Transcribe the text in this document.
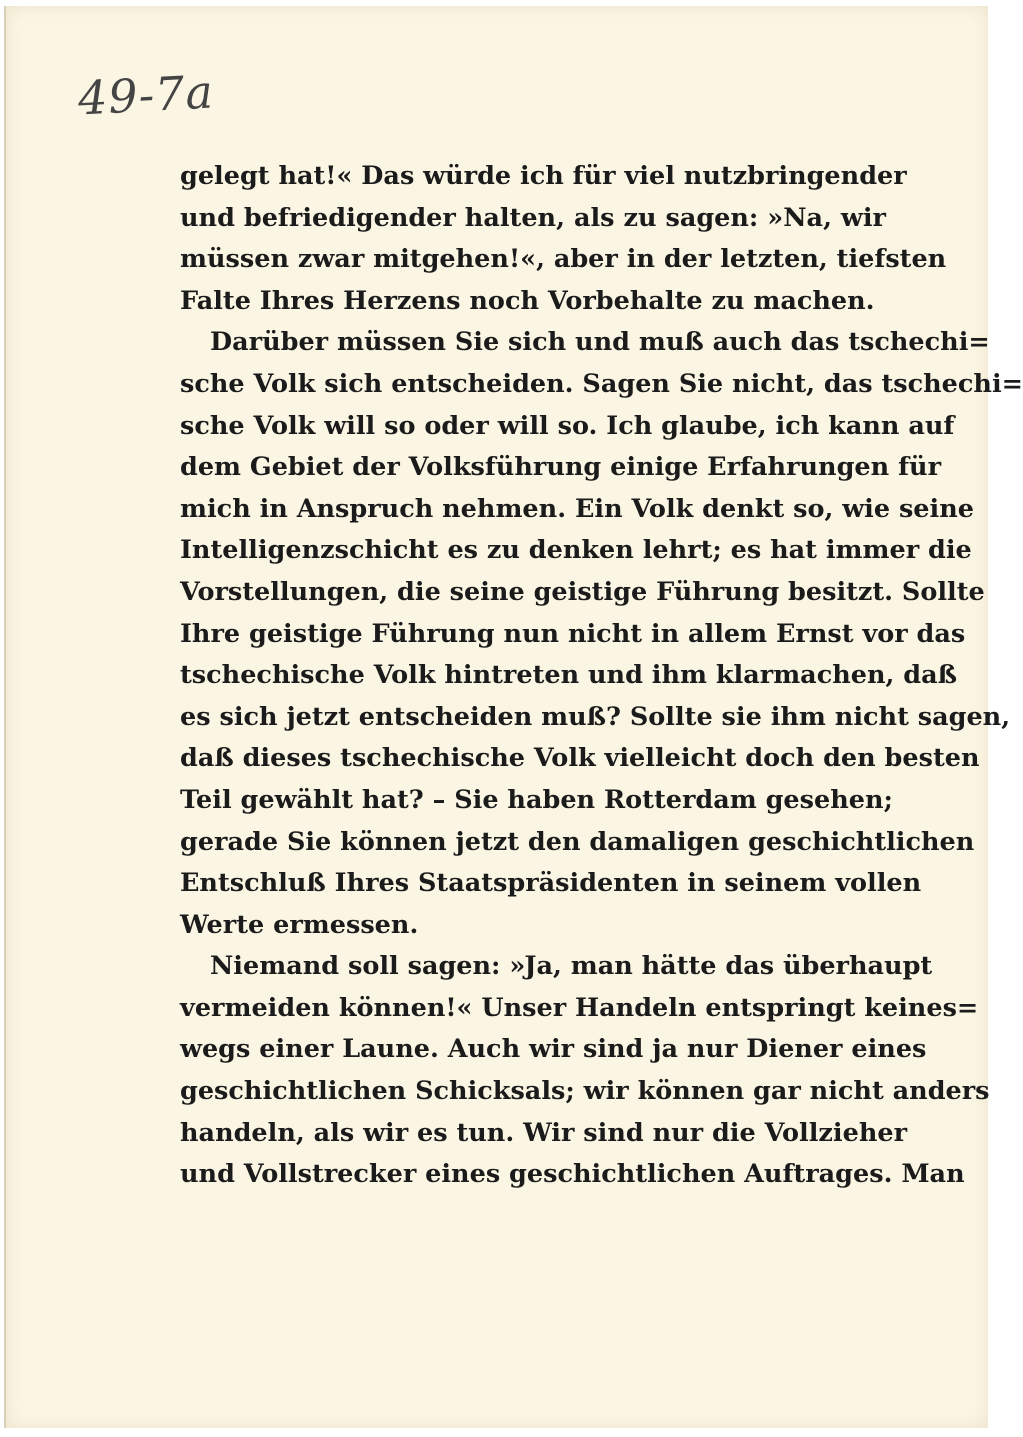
49-7a
gelegt hat!« Das würde ich für viel nutzbringender
und befriedigender halten, als zu sagen: »Na, wir
müssen zwar mitgehen!«, aber in der letzten, tiefsten
Falte Ihres Herzens noch Vorbehalte zu machen.
Darüber müssen Sie sich und muß auch das tschechi=
sche Volk sich entscheiden. Sagen Sie nicht, das tschechi=
sche Volk will so oder will so. Ich glaube, ich kann auf
dem Gebiet der Volksführung einige Erfahrungen für
mich in Anspruch nehmen. Ein Volk denkt so, wie seine
Intelligenzschicht es zu denken lehrt; es hat immer die
Vorstellungen, die seine geistige Führung besitzt. Sollte
Ihre geistige Führung nun nicht in allem Ernst vor das
tschechische Volk hintreten und ihm klarmachen, daß
es sich jetzt entscheiden muß? Sollte sie ihm nicht sagen,
daß dieses tschechische Volk vielleicht doch den besten
Teil gewählt hat? – Sie haben Rotterdam gesehen;
gerade Sie können jetzt den damaligen geschichtlichen
Entschluß Ihres Staatspräsidenten in seinem vollen
Werte ermessen.
Niemand soll sagen: »Ja, man hätte das überhaupt
vermeiden können!« Unser Handeln entspringt keines=
wegs einer Laune. Auch wir sind ja nur Diener eines
geschichtlichen Schicksals; wir können gar nicht anders
handeln, als wir es tun. Wir sind nur die Vollzieher
und Vollstrecker eines geschichtlichen Auftrages. Man
